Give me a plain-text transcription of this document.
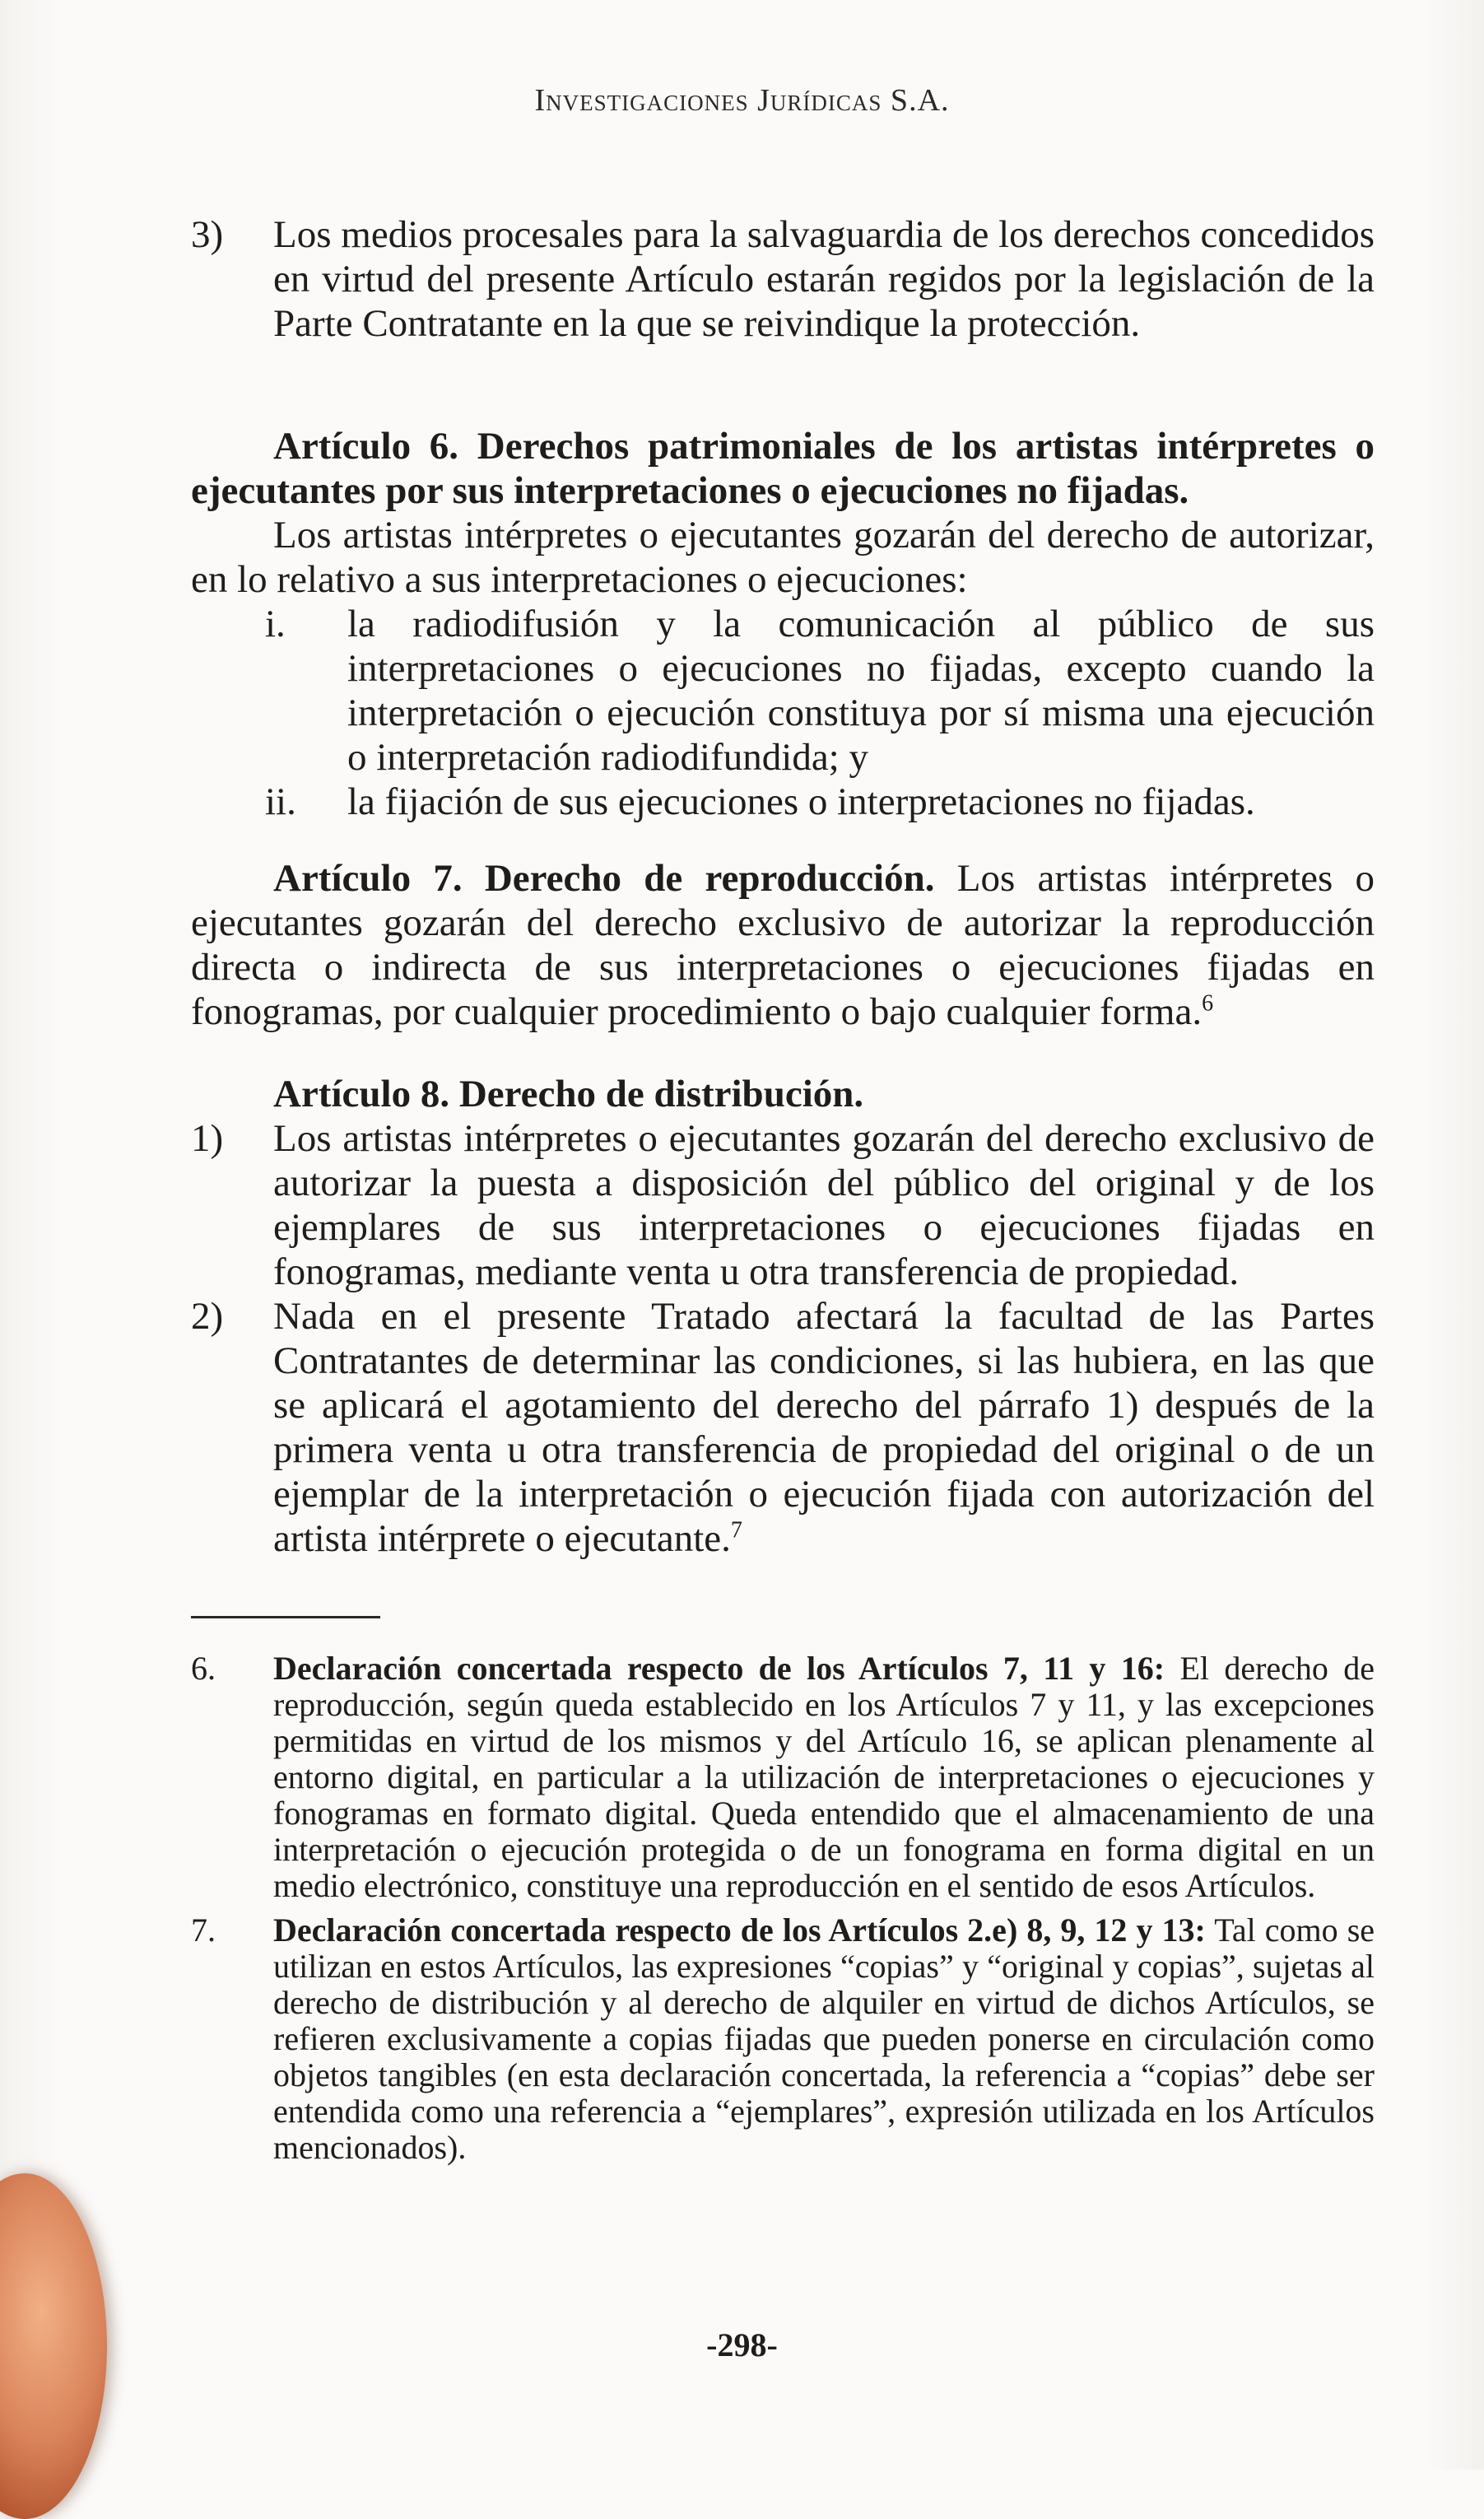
Investigaciones Jurídicas S.A.
3)	Los medios procesales para la salvaguardia de los derechos concedidos en virtud del presente Artículo estarán regidos por la legislación de la Parte Contratante en la que se reivindique la protección.
Artículo 6. Derechos patrimoniales de los artistas intérpretes o ejecutantes por sus interpretaciones o ejecuciones no fijadas.
Los artistas intérpretes o ejecutantes gozarán del derecho de autorizar, en lo relativo a sus interpretaciones o ejecuciones:
i.	la radiodifusión y la comunicación al público de sus interpretaciones o ejecuciones no fijadas, excepto cuando la interpretación o ejecución constituya por sí misma una ejecución o interpretación radiodifundida; y
ii.	la fijación de sus ejecuciones o interpretaciones no fijadas.
Artículo 7. Derecho de reproducción. Los artistas intérpretes o ejecutantes gozarán del derecho exclusivo de autorizar la reproducción directa o indirecta de sus interpretaciones o ejecuciones fijadas en fonogramas, por cualquier procedimiento o bajo cualquier forma.$^6$
Artículo 8. Derecho de distribución.
1)	Los artistas intérpretes o ejecutantes gozarán del derecho exclusivo de autorizar la puesta a disposición del público del original y de los ejemplares de sus interpretaciones o ejecuciones fijadas en fonogramas, mediante venta u otra transferencia de propiedad.
2)	Nada en el presente Tratado afectará la facultad de las Partes Contratantes de determinar las condiciones, si las hubiera, en las que se aplicará el agotamiento del derecho del párrafo 1) después de la primera venta u otra transferencia de propiedad del original o de un ejemplar de la interpretación o ejecución fijada con autorización del artista intérprete o ejecutante.$^7$
6.	Declaración concertada respecto de los Artículos 7, 11 y 16: El derecho de reproducción, según queda establecido en los Artículos 7 y 11, y las excepciones permitidas en virtud de los mismos y del Artículo 16, se aplican plenamente al entorno digital, en particular a la utilización de interpretaciones o ejecuciones y fonogramas en formato digital. Queda entendido que el almacenamiento de una interpretación o ejecución protegida o de un fonograma en forma digital en un medio electrónico, constituye una reproducción en el sentido de esos Artículos.
7.	Declaración concertada respecto de los Artículos 2.e) 8, 9, 12 y 13: Tal como se utilizan en estos Artículos, las expresiones “copias” y “original y copias”, sujetas al derecho de distribución y al derecho de alquiler en virtud de dichos Artículos, se refieren exclusivamente a copias fijadas que pueden ponerse en circulación como objetos tangibles (en esta declaración concertada, la referencia a “copias” debe ser entendida como una referencia a “ejemplares”, expresión utilizada en los Artículos mencionados).
-298-
